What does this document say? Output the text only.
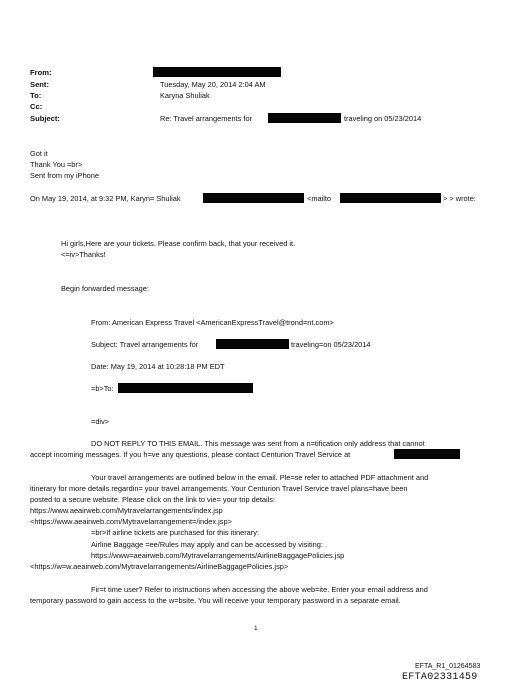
From:
Sent:	Tuesday, May 20, 2014 2:04 AM
To:	Karyna Shuliak
Cc:
Subject:	Re: Travel arrangements for	traveling on 05/23/2014
Got it
Thank You =br>
Sent from my iPhone
On May 19, 2014, at 9:32 PM, Karyn= Shuliak	<mailto	> > wrote:
Hi girls,Here are your tickets. Please confirm back, that your received it.
<=iv>Thanks!
Begin forwarded message:
From: American Express Travel <AmericanExpressTravel@trond=nt.com>
Subject: Travel arrangements for	traveling=on 05/23/2014
Date: May 19, 2014 at 10:28:18 PM EDT
=b>To:
=div>
DO NOT REPLY TO THIS EMAIL. This message was sent from a n=tification only address that cannot
accept incoming messages. If you h=ve any questions, please contact Centurion Travel Service at
Your travel arrangements are outlined below in the email. Ple=se refer to attached PDF attachment and
itinerary for more details regardin= your travel arrangements. Your Centurion Travel Service travel plans=have been
posted to a secure website. Please click on the link to vie= your trip details:
https://www.aeairweb.com/Mytravelarrangements/index.jsp
<https://www.aeairweb.com/Mytravelarrangement=/index.jsp>
=br>If airline tickets are purchased for this itinerary:
Airline Baggage =ee/Rules may apply and can be accessed by visiting:
https://www=aeairweb.com/Mytravelarrangements/AirlineBaggagePolicies.jsp
<https://w=w.aeairweb.com/Mytravelarrangements/AirlineBaggagePolicies.jsp>
Fir=t time user? Refer to instructions when accessing the above web=ite. Enter your email address and
temporary password to gain access to the w=bsite. You will receive your temporary password in a separate email.
1
EFTA_R1_01264583
EFTA02331459
